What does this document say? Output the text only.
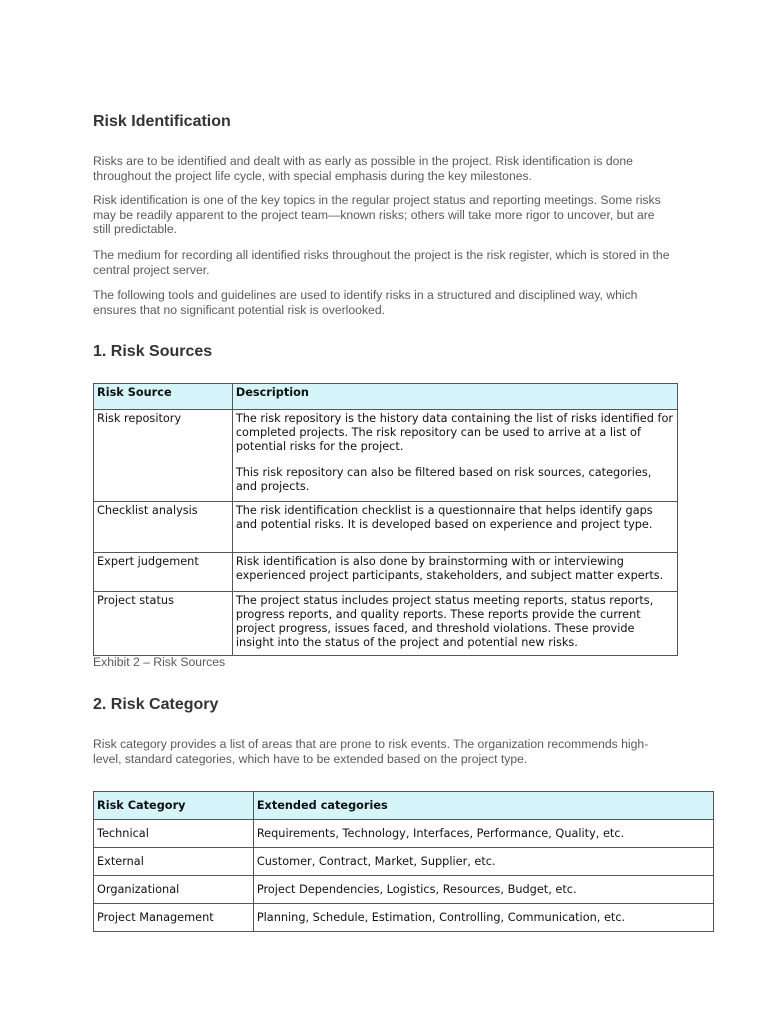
Risk Identification

Risks are to be identified and dealt with as early as possible in the project. Risk identification is done throughout the project life cycle, with special emphasis during the key milestones.

Risk identification is one of the key topics in the regular project status and reporting meetings. Some risks may be readily apparent to the project team—known risks; others will take more rigor to uncover, but are still predictable.

The medium for recording all identified risks throughout the project is the risk register, which is stored in the central project server.

The following tools and guidelines are used to identify risks in a structured and disciplined way, which ensures that no significant potential risk is overlooked.

1. Risk Sources
Risk Source	Description
Risk repository	The risk repository is the history data containing the list of risks identified for completed projects. The risk repository can be used to arrive at a list of potential risks for the project.

This risk repository can also be filtered based on risk sources, categories, and projects.

Checklist analysis	The risk identification checklist is a questionnaire that helps identify gaps and potential risks. It is developed based on experience and project type.
Expert judgement	Risk identification is also done by brainstorming with or interviewing experienced project participants, stakeholders, and subject matter experts.
Project status	The project status includes project status meeting reports, status reports, progress reports, and quality reports. These reports provide the current project progress, issues faced, and threshold violations. These provide insight into the status of the project and potential new risks.

Exhibit 2 – Risk Sources

2. Risk Category

Risk category provides a list of areas that are prone to risk events. The organization recommends high-level, standard categories, which have to be extended based on the project type.

Risk Category	Extended categories
Technical	Requirements, Technology, Interfaces, Performance, Quality, etc.
External	Customer, Contract, Market, Supplier, etc.
Organizational	Project Dependencies, Logistics, Resources, Budget, etc.
Project Management	Planning, Schedule, Estimation, Controlling, Communication, etc.
